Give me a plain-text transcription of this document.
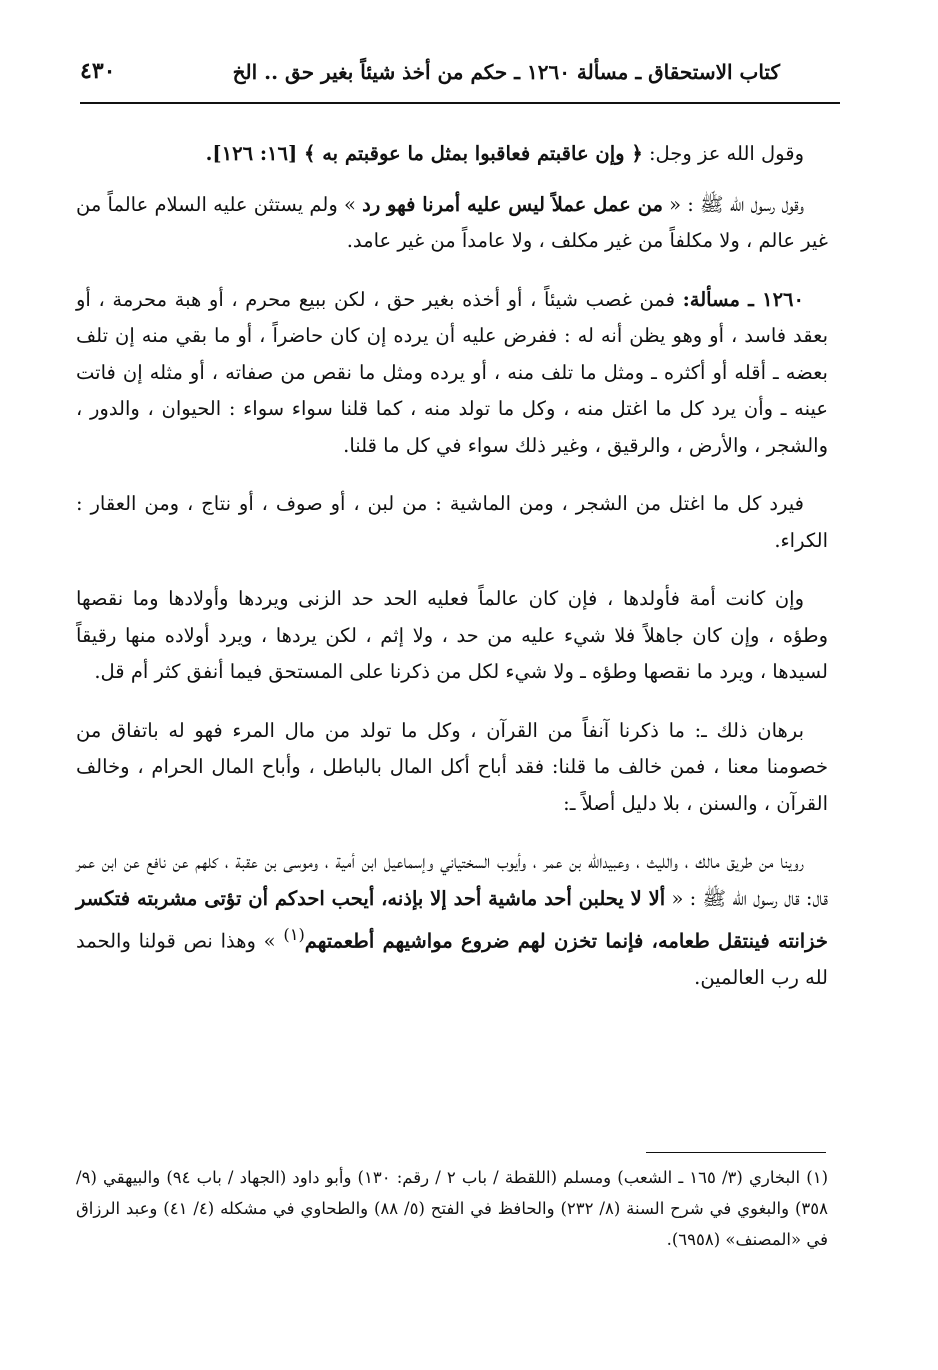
كتاب الاستحقاق ـ مسألة ١٢٦٠ ـ حكم من أخذ شيئاً بغير حق .. الخ
٤٣٠

وقول الله عز وجل: ﴿ وإن عاقبتم فعاقبوا بمثل ما عوقبتم به ﴾ [١٦: ١٢٦].

وقول رسول الله ﷺ : « من عمل عملاً ليس عليه أمرنا فهو رد » ولم يستثن عليه السلام عالماً من غير عالم ، ولا مكلفاً من غير مكلف ، ولا عامداً من غير عامد.

١٢٦٠ ـ مسألة: فمن غصب شيئاً ، أو أخذه بغير حق ، لكن ببيع محرم ، أو هبة محرمة ، أو بعقد فاسد ، أو وهو يظن أنه له : ففرض عليه أن يرده إن كان حاضراً ، أو ما بقي منه إن تلف بعضه ـ أقله أو أكثره ـ ومثل ما تلف منه ، أو يرده ومثل ما نقص من صفاته ، أو مثله إن فاتت عينه ـ وأن يرد كل ما اغتل منه ، وكل ما تولد منه ، كما قلنا سواء سواء : الحيوان ، والدور ، والشجر ، والأرض ، والرقيق ، وغير ذلك سواء في كل ما قلنا.

فيرد كل ما اغتل من الشجر ، ومن الماشية : من لبن ، أو صوف ، أو نتاج ، ومن العقار : الكراء.

وإن كانت أمة فأولدها ، فإن كان عالماً فعليه الحد حد الزنى ويردها وأولادها وما نقصها وطؤه ، وإن كان جاهلاً فلا شيء عليه من حد ، ولا إثم ، لكن يردها ، ويرد أولاده منها رقيقاً لسيدها ، ويرد ما نقصها وطؤه ـ ولا شيء لكل من ذكرنا على المستحق فيما أنفق كثر أم قل.

برهان ذلك ـ: ما ذكرنا آنفاً من القرآن ، وكل ما تولد من مال المرء فهو له باتفاق من خصومنا معنا ، فمن خالف ما قلنا: فقد أباح أكل المال بالباطل ، وأباح المال الحرام ، وخالف القرآن ، والسنن ، بلا دليل أصلاً ـ:

روينا من طريق مالك ، والليث ، وعبيدالله بن عمر ، وأيوب السختياني وإسماعيل ابن أمية ، وموسى بن عقبة ، كلهم عن نافع عن ابن عمر قال: قال رسول الله ﷺ : « ألا لا يحلبن أحد ماشية أحد إلا بإذنه، أيحب احدكم أن تؤتى مشربته فتكسر خزانته فينتقل طعامه، فإنما تخزن لهم ضروع مواشيهم أطعمتهم$^{(١)}$ » وهذا نص قولنا والحمد لله رب العالمين.

(١) البخاري (٣/ ١٦٥ ـ الشعب) ومسلم (اللقطة / باب ٢ / رقم: ١٣٠) وأبو داود (الجهاد / باب ٩٤) والبيهقي (٩/ ٣٥٨) والبغوي في شرح السنة (٨/ ٢٣٢) والحافظ في الفتح (٥/ ٨٨) والطحاوي في مشكله (٤/ ٤١) وعبد الرزاق في «المصنف» (٦٩٥٨).
